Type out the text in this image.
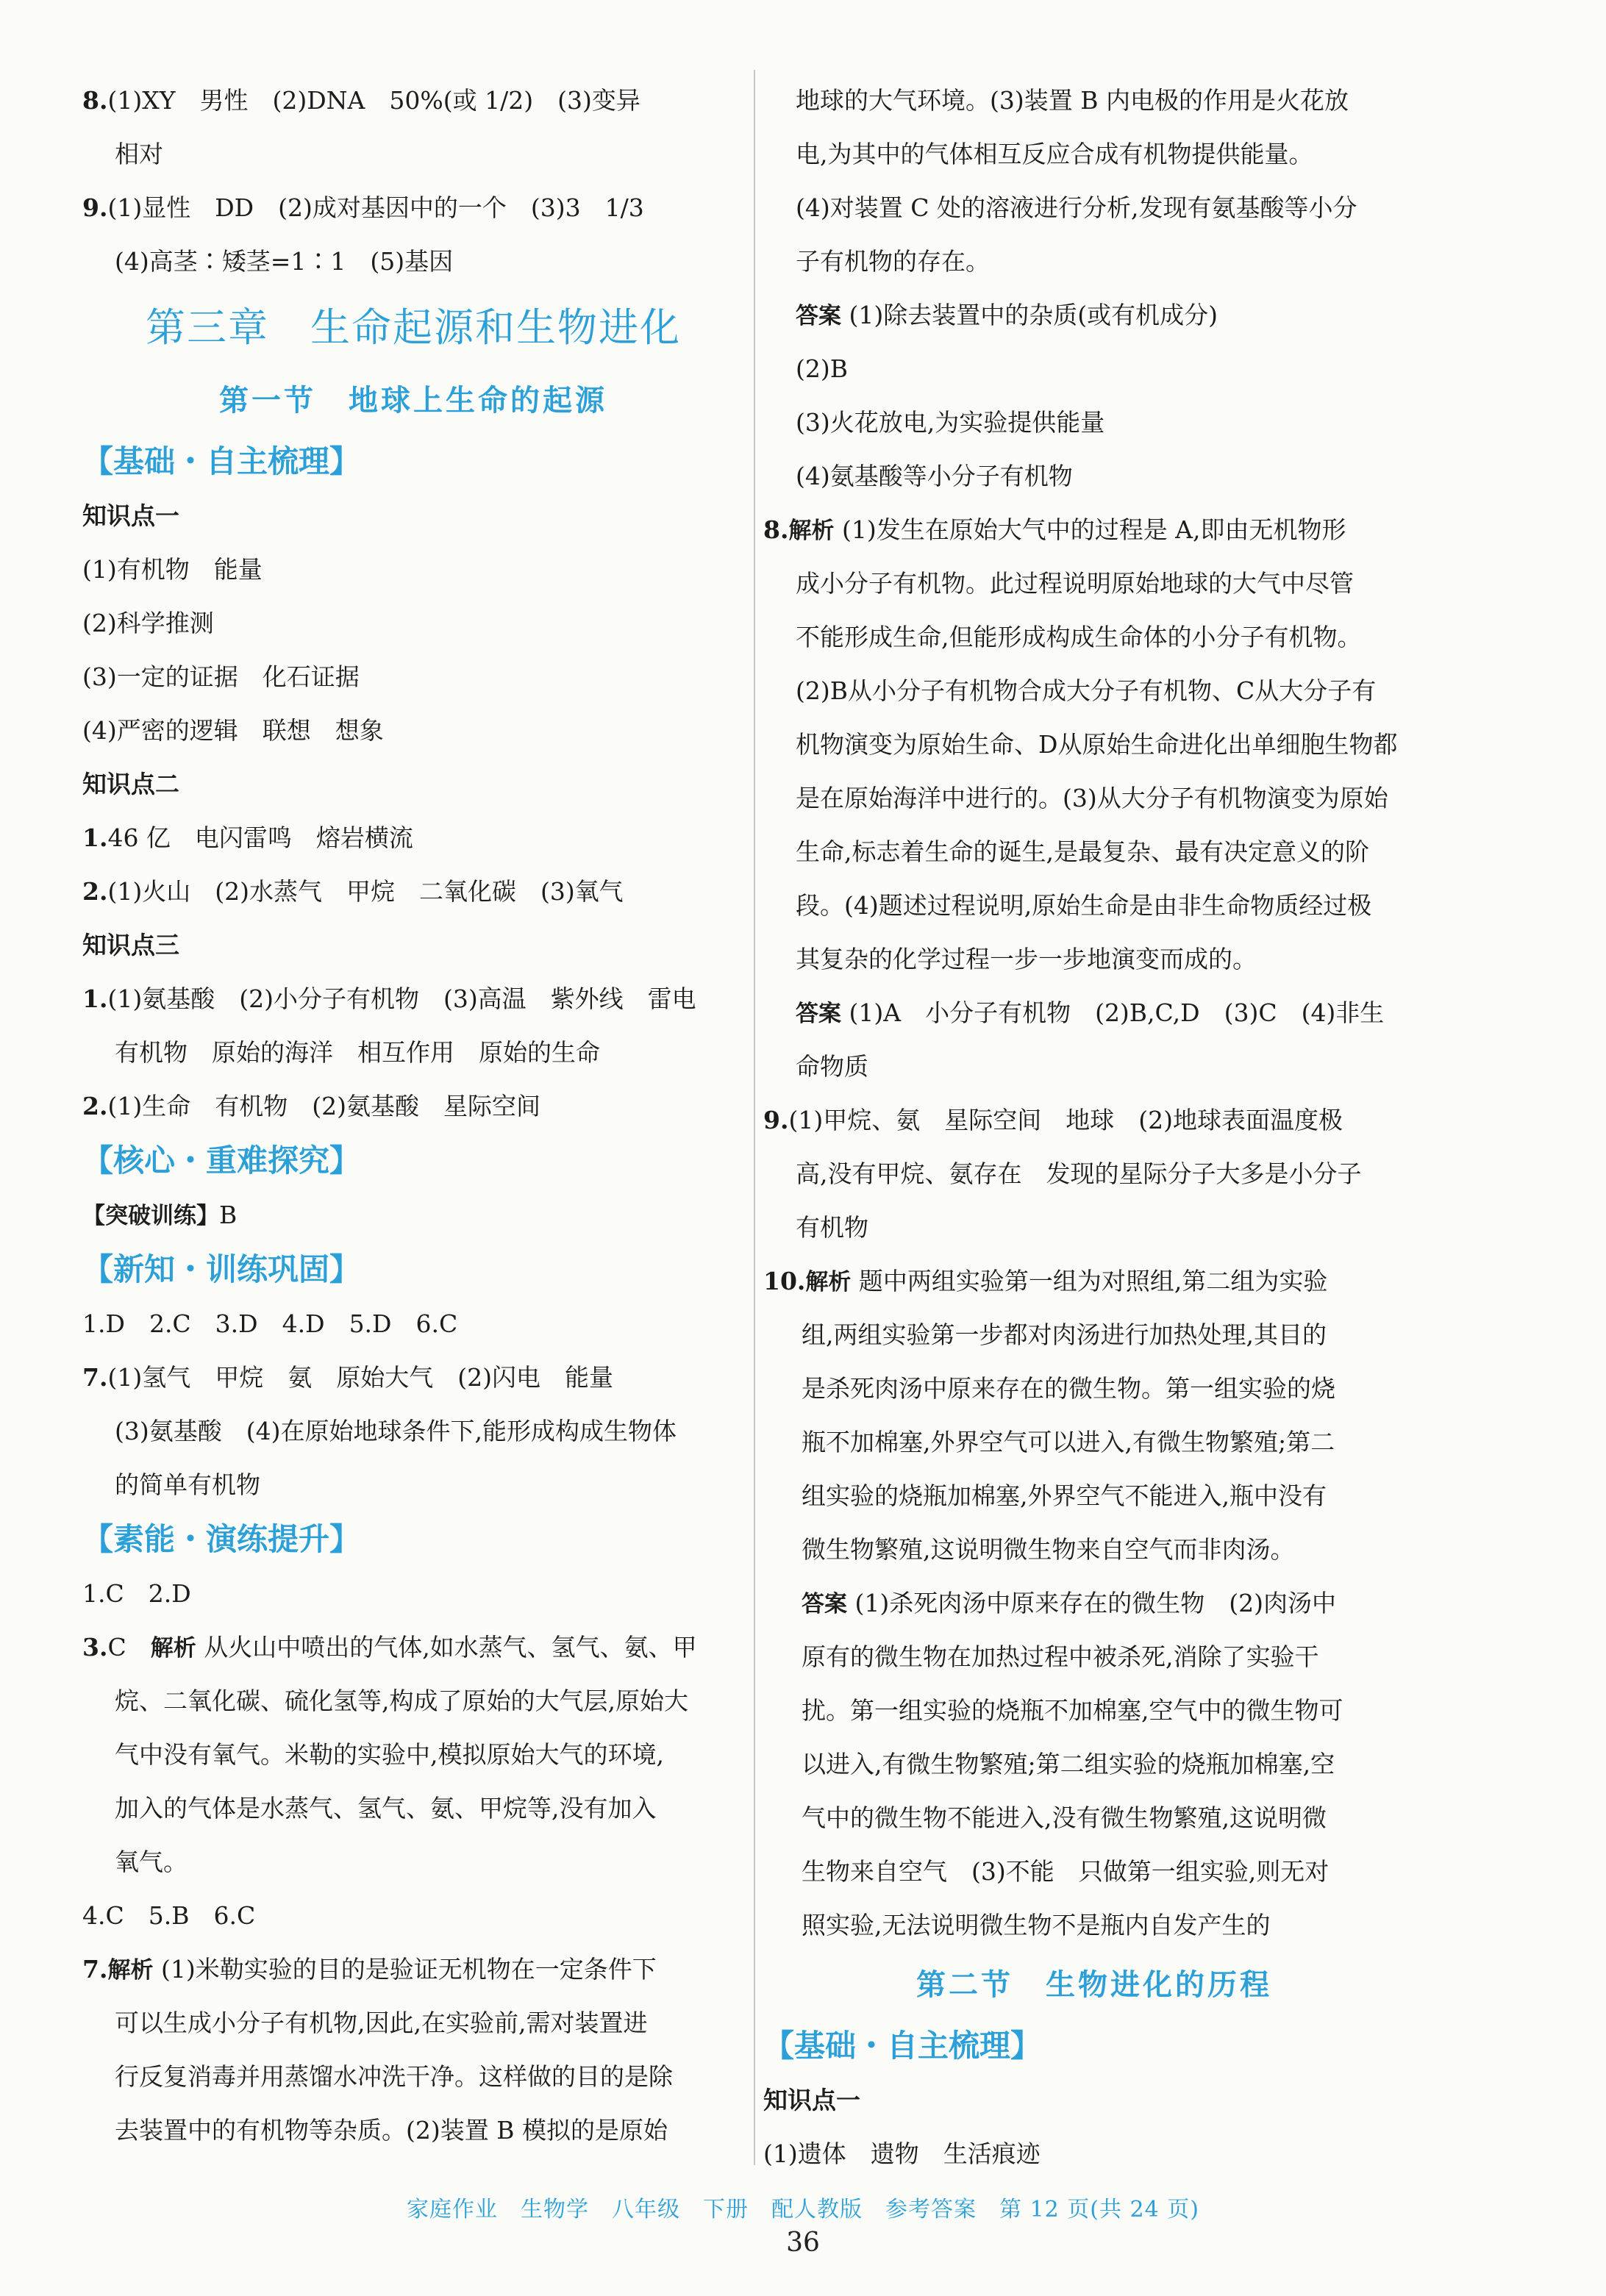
8.(1)XY　男性　(2)DNA　50%(或 1/2)　(3)变异
相对
9.(1)显性　DD　(2)成对基因中的一个　(3)3　1/3
(4)高茎∶矮茎=1∶1　(5)基因
第三章　生命起源和生物进化
第一节　地球上生命的起源
【基础・自主梳理】
知识点一
(1)有机物　能量
(2)科学推测
(3)一定的证据　化石证据
(4)严密的逻辑　联想　想象
知识点二
1.46 亿　电闪雷鸣　熔岩横流
2.(1)火山　(2)水蒸气　甲烷　二氧化碳　(3)氧气
知识点三
1.(1)氨基酸　(2)小分子有机物　(3)高温　紫外线　雷电
有机物　原始的海洋　相互作用　原始的生命
2.(1)生命　有机物　(2)氨基酸　星际空间
【核心・重难探究】
【突破训练】B
【新知・训练巩固】
1.D　2.C　3.D　4.D　5.D　6.C
7.(1)氢气　甲烷　氨　原始大气　(2)闪电　能量
(3)氨基酸　(4)在原始地球条件下,能形成构成生物体
的简单有机物
【素能・演练提升】
1.C　2.D
3.C　解析 从火山中喷出的气体,如水蒸气、氢气、氨、甲
烷、二氧化碳、硫化氢等,构成了原始的大气层,原始大
气中没有氧气。米勒的实验中,模拟原始大气的环境,
加入的气体是水蒸气、氢气、氨、甲烷等,没有加入
氧气。
4.C　5.B　6.C
7.解析 (1)米勒实验的目的是验证无机物在一定条件下
可以生成小分子有机物,因此,在实验前,需对装置进
行反复消毒并用蒸馏水冲洗干净。这样做的目的是除
去装置中的有机物等杂质。(2)装置 B 模拟的是原始
地球的大气环境。(3)装置 B 内电极的作用是火花放
电,为其中的气体相互反应合成有机物提供能量。
(4)对装置 C 处的溶液进行分析,发现有氨基酸等小分
子有机物的存在。
答案 (1)除去装置中的杂质(或有机成分)
(2)B
(3)火花放电,为实验提供能量
(4)氨基酸等小分子有机物
8.解析 (1)发生在原始大气中的过程是 A,即由无机物形
成小分子有机物。此过程说明原始地球的大气中尽管
不能形成生命,但能形成构成生命体的小分子有机物。
(2)B从小分子有机物合成大分子有机物、C从大分子有
机物演变为原始生命、D从原始生命进化出单细胞生物都
是在原始海洋中进行的。(3)从大分子有机物演变为原始
生命,标志着生命的诞生,是最复杂、最有决定意义的阶
段。(4)题述过程说明,原始生命是由非生命物质经过极
其复杂的化学过程一步一步地演变而成的。
答案 (1)A　小分子有机物　(2)B,C,D　(3)C　(4)非生
命物质
9.(1)甲烷、氨　星际空间　地球　(2)地球表面温度极
高,没有甲烷、氨存在　发现的星际分子大多是小分子
有机物
10.解析 题中两组实验第一组为对照组,第二组为实验
组,两组实验第一步都对肉汤进行加热处理,其目的
是杀死肉汤中原来存在的微生物。第一组实验的烧
瓶不加棉塞,外界空气可以进入,有微生物繁殖;第二
组实验的烧瓶加棉塞,外界空气不能进入,瓶中没有
微生物繁殖,这说明微生物来自空气而非肉汤。
答案 (1)杀死肉汤中原来存在的微生物　(2)肉汤中
原有的微生物在加热过程中被杀死,消除了实验干
扰。第一组实验的烧瓶不加棉塞,空气中的微生物可
以进入,有微生物繁殖;第二组实验的烧瓶加棉塞,空
气中的微生物不能进入,没有微生物繁殖,这说明微
生物来自空气　(3)不能　只做第一组实验,则无对
照实验,无法说明微生物不是瓶内自发产生的
第二节　生物进化的历程
【基础・自主梳理】
知识点一
(1)遗体　遗物　生活痕迹
家庭作业　生物学　八年级　下册　配人教版　参考答案　第 12 页(共 24 页)
36
